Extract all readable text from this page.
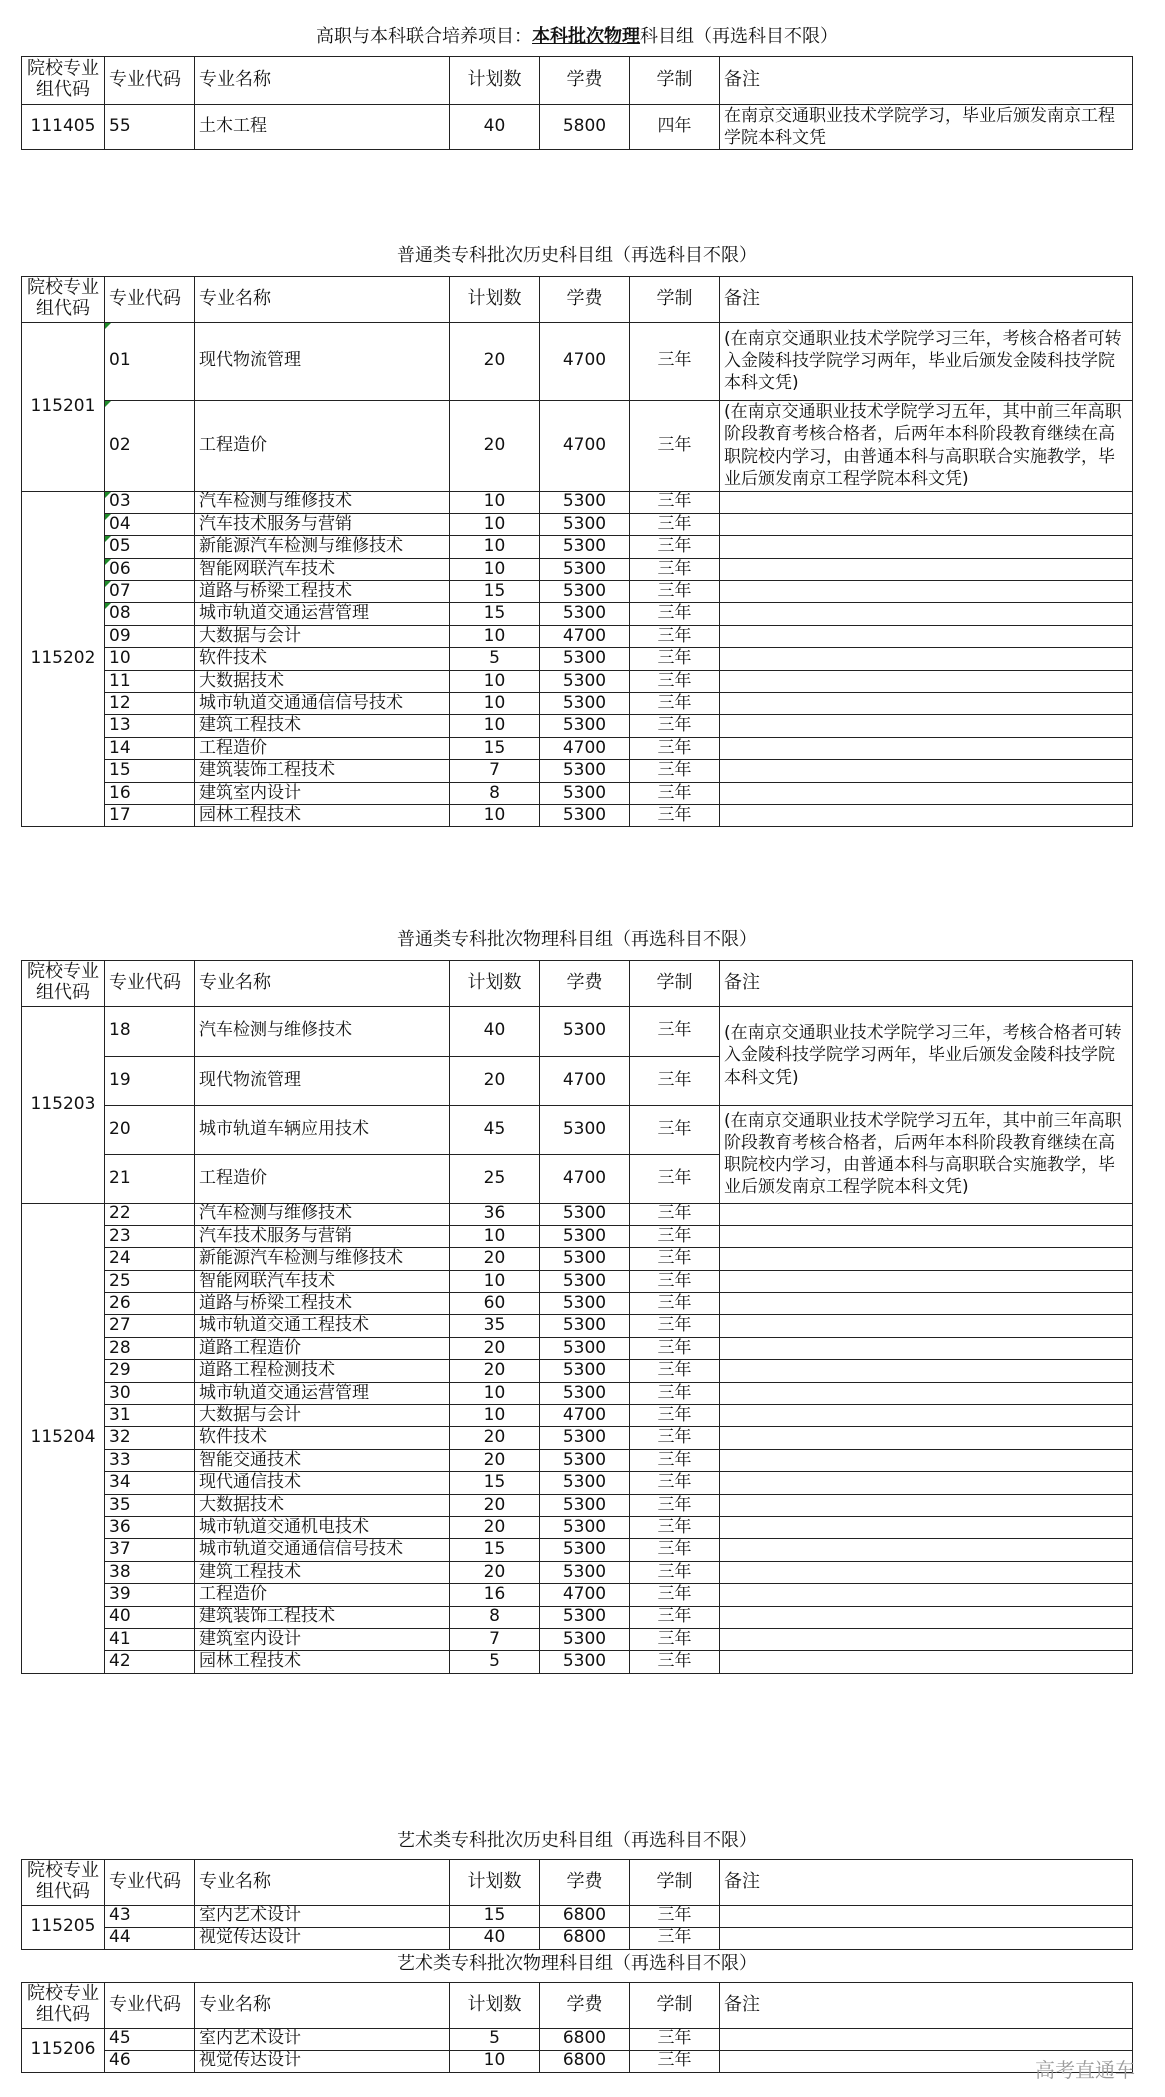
高职与本科联合培养项目：本科批次物理科目组（再选科目不限）						
院校专业组代码	专业代码	专业名称	计划数	学费	学制	备注
111405	55	土木工程	40	5800	四年	在南京交通职业技术学院学习，毕业后颁发南京工程学院本科文凭
普通类专科批次历史科目组（再选科目不限）						
院校专业组代码	专业代码	专业名称	计划数	学费	学制	备注
115201	01	现代物流管理	20	4700	三年	(在南京交通职业技术学院学习三年，考核合格者可转入金陵科技学院学习两年，毕业后颁发金陵科技学院本科文凭)
	02	工程造价	20	4700	三年	(在南京交通职业技术学院学习五年，其中前三年高职阶段教育考核合格者，后两年本科阶段教育继续在高职院校内学习，由普通本科与高职联合实施教学，毕业后颁发南京工程学院本科文凭)
115202	03	汽车检测与维修技术	10	5300	三年	
	04	汽车技术服务与营销	10	5300	三年	
	05	新能源汽车检测与维修技术	10	5300	三年	
	06	智能网联汽车技术	10	5300	三年	
	07	道路与桥梁工程技术	15	5300	三年	
	08	城市轨道交通运营管理	15	5300	三年	
	09	大数据与会计	10	4700	三年	
	10	软件技术	5	5300	三年	
	11	大数据技术	10	5300	三年	
	12	城市轨道交通通信信号技术	10	5300	三年	
	13	建筑工程技术	10	5300	三年	
	14	工程造价	15	4700	三年	
	15	建筑装饰工程技术	7	5300	三年	
	16	建筑室内设计	8	5300	三年	
	17	园林工程技术	10	5300	三年	
普通类专科批次物理科目组（再选科目不限）						
院校专业组代码	专业代码	专业名称	计划数	学费	学制	备注
115203	18	汽车检测与维修技术	40	5300	三年	(在南京交通职业技术学院学习三年，考核合格者可转入金陵科技学院学习两年，毕业后颁发金陵科技学院本科文凭)
	19	现代物流管理	20	4700	三年	
	20	城市轨道车辆应用技术	45	5300	三年	(在南京交通职业技术学院学习五年，其中前三年高职阶段教育考核合格者，后两年本科阶段教育继续在高职院校内学习，由普通本科与高职联合实施教学，毕业后颁发南京工程学院本科文凭)
	21	工程造价	25	4700	三年	
115204	22	汽车检测与维修技术	36	5300	三年	
	23	汽车技术服务与营销	10	5300	三年	
	24	新能源汽车检测与维修技术	20	5300	三年	
	25	智能网联汽车技术	10	5300	三年	
	26	道路与桥梁工程技术	60	5300	三年	
	27	城市轨道交通工程技术	35	5300	三年	
	28	道路工程造价	20	5300	三年	
	29	道路工程检测技术	20	5300	三年	
	30	城市轨道交通运营管理	10	5300	三年	
	31	大数据与会计	10	4700	三年	
	32	软件技术	20	5300	三年	
	33	智能交通技术	20	5300	三年	
	34	现代通信技术	15	5300	三年	
	35	大数据技术	20	5300	三年	
	36	城市轨道交通机电技术	20	5300	三年	
	37	城市轨道交通通信信号技术	15	5300	三年	
	38	建筑工程技术	20	5300	三年	
	39	工程造价	16	4700	三年	
	40	建筑装饰工程技术	8	5300	三年	
	41	建筑室内设计	7	5300	三年	
	42	园林工程技术	5	5300	三年	
艺术类专科批次历史科目组（再选科目不限）						
院校专业组代码	专业代码	专业名称	计划数	学费	学制	备注
115205	43	室内艺术设计	15	6800	三年	
	44	视觉传达设计	40	6800	三年	
艺术类专科批次物理科目组（再选科目不限）						
院校专业组代码	专业代码	专业名称	计划数	学费	学制	备注
115206	45	室内艺术设计	5	6800	三年	
	46	视觉传达设计	10	6800	三年		高考直通车
